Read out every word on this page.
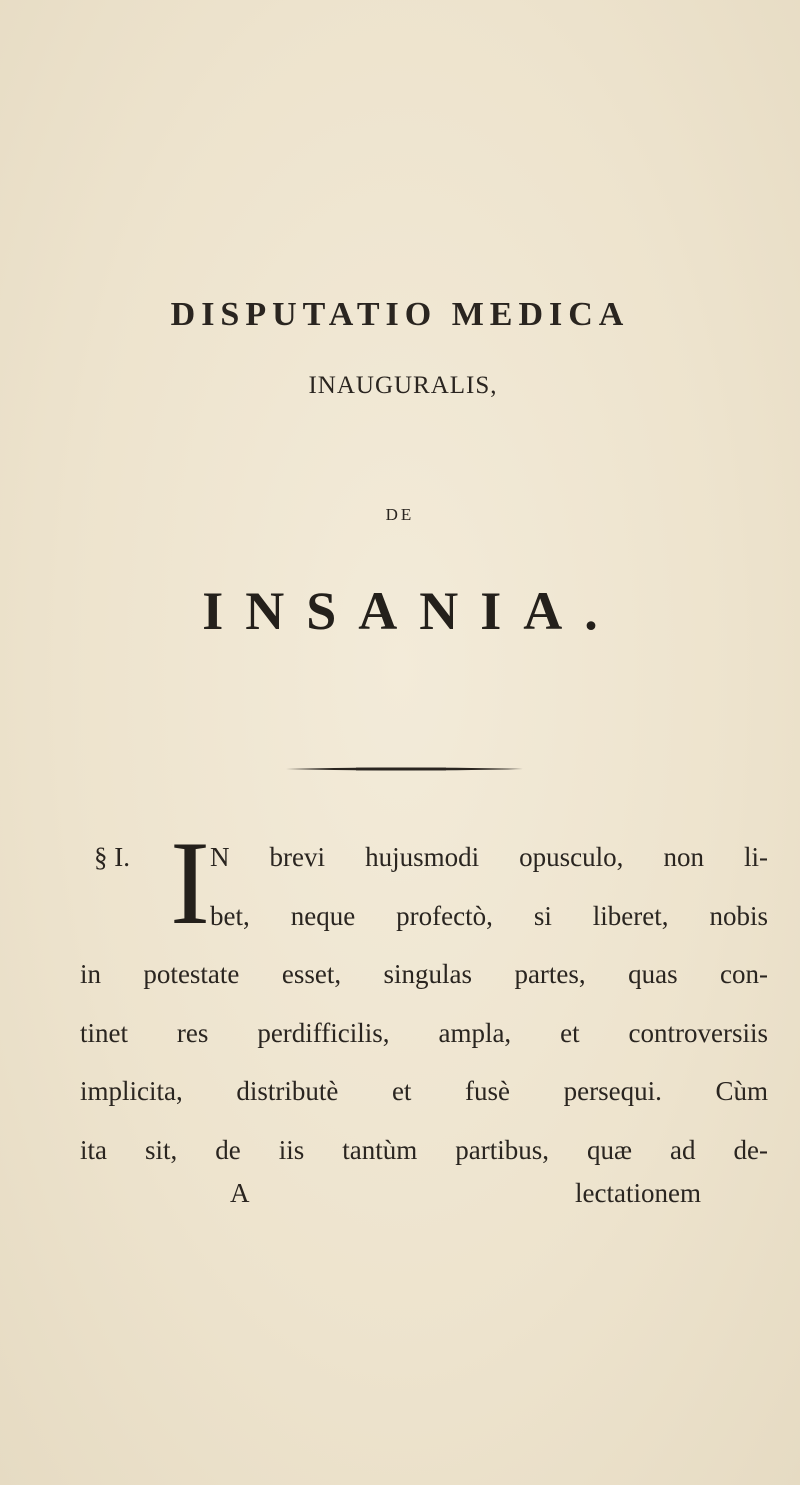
DISPUTATIO MEDICA
INAUGURALIS,
DE
INSANIA.
§ I. I N brevi hujusmodi opusculo, non li-
bet, neque profectò, si liberet, nobis
in potestate esset, singulas partes, quas con-
tinet res perdifficilis, ampla, et controversiis
implicita, distributè et fusè persequi. Cùm
ita sit, de iis tantùm partibus, quæ ad de-
A	lectationem
